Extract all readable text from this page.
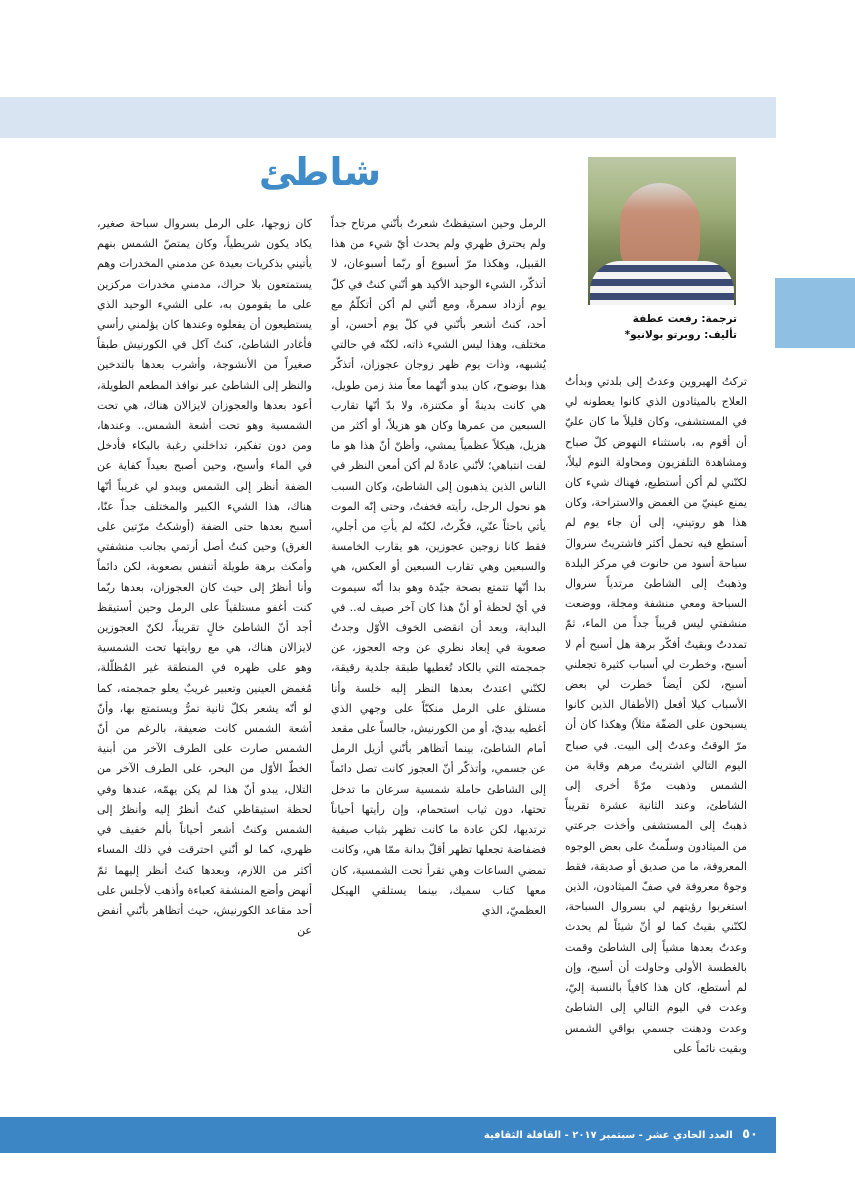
شاطئ
ترجمة: رفعت عطفة
تأليف: روبرتو بولانيو*

تركتُ الهيروين وعدتُ إلى بلدتي وبدأتُ العلاج بالميثادون الذي كانوا يعطونه لي في المستشفى، وكان قليلاً ما كان عليّ أن أقوم به، باستثناء النهوض كلّ صباح ومشاهدة التلفزيون ومحاولة النوم ليلاً، لكنّني لم أكن أستطيع، فهناك شيء كان يمنع عينيّ من الغمض والاستراحة، وكان هذا هو روتيني، إلى أن جاء يوم لم أستطع فيه تحمل أكثر فاشتريتُ سروالَ سباحة أسود من حانوت في مركز البلدة وذهبتُ إلى الشاطئ مرتدياً سروال السباحة ومعي منشفة ومجلة، ووضعت منشفتي ليس قريباً جداً من الماء، ثمّ تمددتُ وبقيتُ أفكّر برهة هل أسبح أم لا أسبح، وخطرت لي أسباب كثيرة تجعلني أسبح، لكن أيضاً خطرت لي بعض الأسباب كيلا أفعل (الأطفال الذين كانوا يسبحون على الضفّة مثلاً) وهكذا كان أن مرّ الوقتُ وعدتُ إلى البيت. في صباح اليوم التالي اشتريتُ مرهم وقاية من الشمس وذهبت مرّةً أخرى إلى الشاطئ، وعند الثانية عشرة تقريباً ذهبتُ إلى المستشفى وأخذت جرعتي من الميثادون وسلّمتُ على بعض الوجوه المعروفة، ما من صديق أو صديقة، فقط وجوهٌ معروفة في صفّ الميثادون، الذين استغربوا رؤيتهم لي بسروال السباحة، لكنّني بقيتُ كما لو أنّ شيئاً لم يحدث وعدتُ بعدها مشياً إلى الشاطئ وقمت بالغطسة الأولى وحاولت أن أسبح، وإن لم أستطع، كان هذا كافياً بالنسبة إليّ، وعدت في اليوم التالي إلى الشاطئ وعدت ودهنت جسمي بواقي الشمس وبقيت نائماً على

الرمل وحين استيقظتُ شعرتُ بأنّني مرتاح جداً ولم يحترق ظهري ولم يحدث أيّ شيء من هذا القبيل، وهكذا مرّ أسبوع أو ربّما أسبوعان، لا أتذكّر، الشيء الوحيد الأكيد هو أنّني كنتُ في كلّ يوم أزداد سمرةً، ومع أنّني لم أكن أتكلّمُ مع أحد، كنتُ أشعر بأنّني في كلّ يوم أحسن، أو مختلف، وهذا ليس الشيء ذاته، لكنّه في حالتي يُشبهه، وذات يوم ظهر زوجان عجوزان، أتذكّر هذا بوضوح، كان يبدو أنّهما معاً منذ زمن طويل، هي كانت بدينةً أو مكتنزة، ولا بدّ أنّها تقارب السبعين من عمرها وكان هو هزيلاً، أو أكثر من هزيل، هيكلاً عظمياً يمشي، وأظنّ أنّ هذا هو ما لفت انتباهي؛ لأنّني عادةً لم أكن أمعن النظر في الناس الذين يذهبون إلى الشاطئ، وكان السبب هو نحول الرجل، رأيته فخفتُ، وحتى إنّه الموت يأتي باحثاً عنّي، فكّرتُ، لكنّه لم يأتِ من أجلي، فقط كانا زوجين عجوزين، هو يقارب الخامسة والسبعين وهي تقارب السبعين أو العكس، هي بدا أنّها تتمتع بصحة جيّدة وهو بدا أنّه سيموت في أيّ لحظة أو أنّ هذا كان آخر صيف له.. في البداية، وبعد أن انقضى الخوف الأوّل وجدتُ صعوبة في إبعاد نظري عن وجه العجوز، عن جمجمته التي بالكاد تُغطيها طبقة جلدية رقيقة، لكنّني اعتدتُ بعدها النظر إليه خلسة وأنا مستلق على الرمل منكبّاً على وجهي الذي أغطيه بيديّ، أو من الكورنيش، جالساً على مقعد أمام الشاطئ، بينما أتظاهر بأنّني أزيل الرمل عن جسمي، وأتذكّر أنّ العجوز كانت تصل دائماً إلى الشاطئ حاملة شمسية سرعان ما تدخل تحتها، دون ثياب استحمام، وإن رأيتها أحياناً ترتديها، لكن عادة ما كانت تظهر بثياب صيفية فضفاضة تجعلها تظهر أقلّ بدانة ممّا هي، وكانت تمضي الساعات وهي تقرأ تحت الشمسية، كان معها كتاب سميك، بينما يستلقي الهيكل العظميّ، الذي

كان زوجها، على الرمل بسروال سباحة صغير، يكاد يكون شريطياً، وكان يمتصّ الشمس بنهم يأتيني بذكريات بعيدة عن مدمني المخدرات وهم يستمتعون بلا حراك، مدمني مخدرات مركزين على ما يقومون به، على الشيء الوحيد الذي يستطيعون أن يفعلوه وعندها كان يؤلمني رأسي فأغادر الشاطئ، كنتُ آكل في الكورنيش طبقاً صغيراً من الأنشوجة، وأشرب بعدها بالتدخين والنظر إلى الشاطئ عبر نوافذ المطعم الطويلة، أعود بعدها والعجوزان لايزالان هناك، هي تحت الشمسية وهو تحت أشعة الشمس.. وعندها، ومن دون تفكير، تداخلني رغبة بالبكاء فأدخل في الماء وأسبح، وحين أصبح بعيداً كفاية عن الضفة أنظر إلى الشمس ويبدو لي غريباً أنّها هناك، هذا الشيء الكبير والمختلف جداً عنّا، أسبح بعدها حتى الضفة (أوشكتُ مرّتين على الغرق) وحين كنتُ أصل أرتمي بجانب منشفتي وأمكث برهة طويلة أتنفس بصعوبة، لكن دائماً وأنا أنظرُ إلى حيث كان العجوزان، بعدها ربّما كنت أغفو مستلقياً على الرمل وحين أستيقظ أجد أنّ الشاطئ خالٍ تقريباً، لكنّ العجوزين لايزالان هناك، هي مع روايتها تحت الشمسية وهو على ظهره في المنطقة غير المُظلّلة، مُغمض العينين وتعبير غريبٌ يعلو جمجمته، كما لو أنّه يشعر بكلّ ثانية تمرُّ ويستمتع بها، وأنّ أشعة الشمس كانت ضعيفة، بالرغم من أنّ الشمس صارت على الطرف الآخر من أبنية الخطّ الأوّل من البحر، على الطرف الآخر من التلال، يبدو أنّ هذا لم يكن يهمّه، عندها وفي لحظة استيقاظي كنتُ أنظرُ إليه وأنظرُ إلى الشمس وكنتُ أشعر أحياناً بألم خفيف في ظهري، كما لو أنّني احترقت في ذلك المساء أكثر من اللازم، وبعدها كنتُ أنظر إليهما ثمّ أنهض وأضع المنشفة كعباءة وأذهب لأجلس على أحد مقاعد الكورنيش، حيث أتظاهر بأنّني أنفض عن

٥٠ العدد الحادي عشر - سبتمبر ٢٠١٧ - القافلة الثقافية
